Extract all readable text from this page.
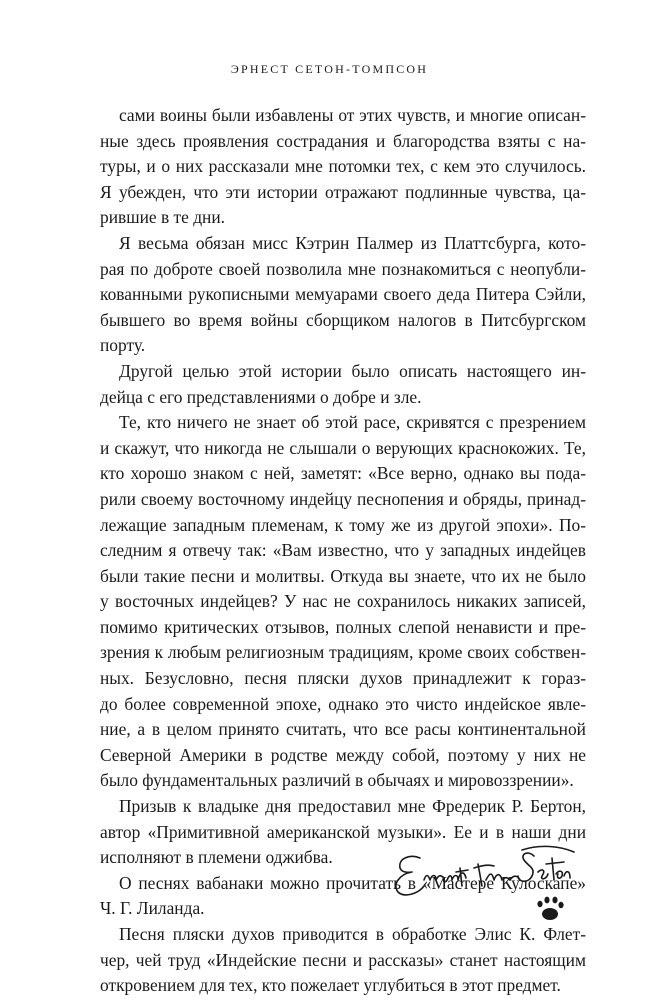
ЭРНЕСТ СЕТОН-ТОМПСОН
сами воины были избавлены от этих чувств, и многие описан-
ные здесь проявления сострадания и благородства взяты с на-
туры, и о них рассказали мне потомки тех, с кем это случилось.
Я убежден, что эти истории отражают подлинные чувства, ца-
рившие в те дни.
Я весьма обязан мисс Кэтрин Палмер из Платтсбурга, кото-
рая по доброте своей позволила мне познакомиться с неопубли-
кованными рукописными мемуарами своего деда Питера Сэйли,
бывшего во время войны сборщиком налогов в Питсбургском
порту.
Другой целью этой истории было описать настоящего ин-
дейца с его представлениями о добре и зле.
Те, кто ничего не знает об этой расе, скривятся с презрением
и скажут, что никогда не слышали о верующих краснокожих. Те,
кто хорошо знаком с ней, заметят: «Все верно, однако вы пода-
рили своему восточному индейцу песнопения и обряды, принад-
лежащие западным племенам, к тому же из другой эпохи». По-
следним я отвечу так: «Вам известно, что у западных индейцев
были такие песни и молитвы. Откуда вы знаете, что их не было
у восточных индейцев? У нас не сохранилось никаких записей,
помимо критических отзывов, полных слепой ненависти и пре-
зрения к любым религиозным традициям, кроме своих собствен-
ных. Безусловно, песня пляски духов принадлежит к гораз-
до более современной эпохе, однако это чисто индейское явле-
ние, а в целом принято считать, что все расы континентальной
Северной Америки в родстве между собой, поэтому у них не
было фундаментальных различий в обычаях и мировоззрении».
Призыв к владыке дня предоставил мне Фредерик Р. Бертон,
автор «Примитивной американской музыки». Ее и в наши дни
исполняют в племени оджибва.
О песнях вабанаки можно прочитать в «Мастере Кулоскапе»
Ч. Г. Лиланда.
Песня пляски духов приводится в обработке Элис К. Флет-
чер, чей труд «Индейские песни и рассказы» станет настоящим
откровением для тех, кто пожелает углубиться в этот предмет.
